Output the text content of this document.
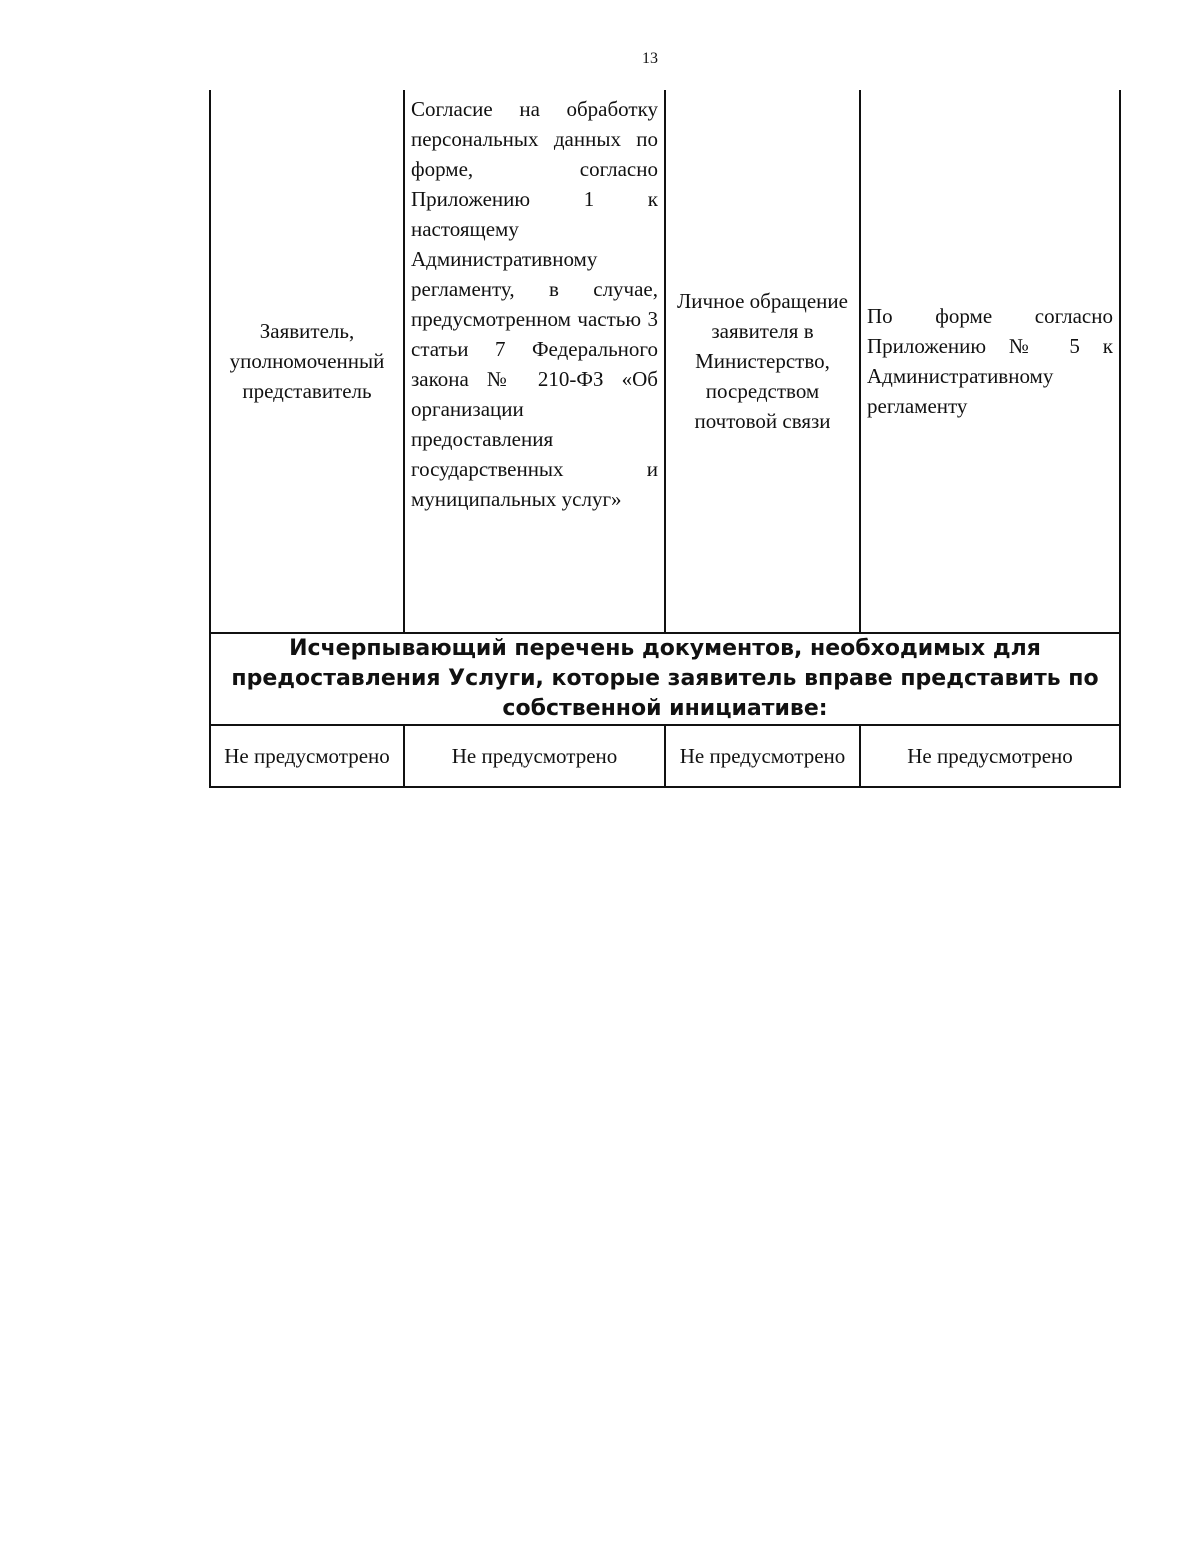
13
Заявитель, уполномоченный представитель	Согласие на обработку персональных данных по форме, согласно Приложению 1 к настоящему Административному регламенту, в случае, предусмотренном частью 3 статьи 7 Федерального закона № 210-ФЗ «Об организации предоставления государственных и муниципальных услуг»	Личное обращение заявителя в Министерство, посредством почтовой связи	По форме согласно Приложению № 5 к Административному регламенту
Исчерпывающий перечень документов, необходимых для предоставления Услуги, которые заявитель вправе представить по собственной инициативе:			
Не предусмотрено	Не предусмотрено	Не предусмотрено	Не предусмотрено
